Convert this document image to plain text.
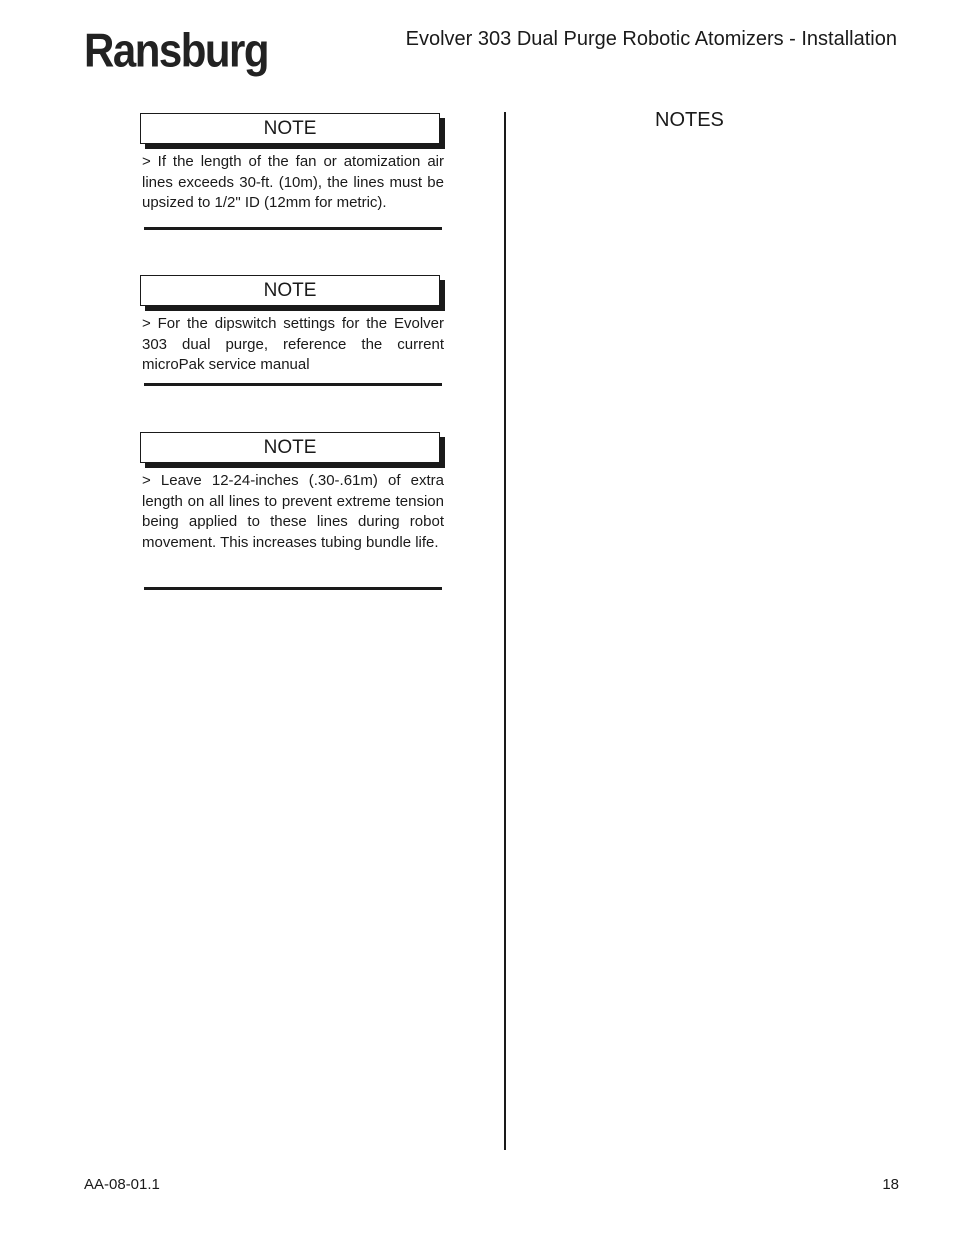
Ransburg	Evolver 303 Dual Purge Robotic Atomizers - Installation
NOTE
> If the length of the fan or atomization air lines exceeds 30-ft. (10m), the lines must be upsized to 1/2" ID (12mm for metric).
NOTE
> For the dipswitch settings for the Evolver 303 dual purge, reference the current microPak service manual
NOTE
> Leave 12-24-inches (.30-.61m) of extra length on all lines to prevent extreme tension being applied to these lines during robot movement. This increases tubing bundle life.
NOTES
AA-08-01.1	18
